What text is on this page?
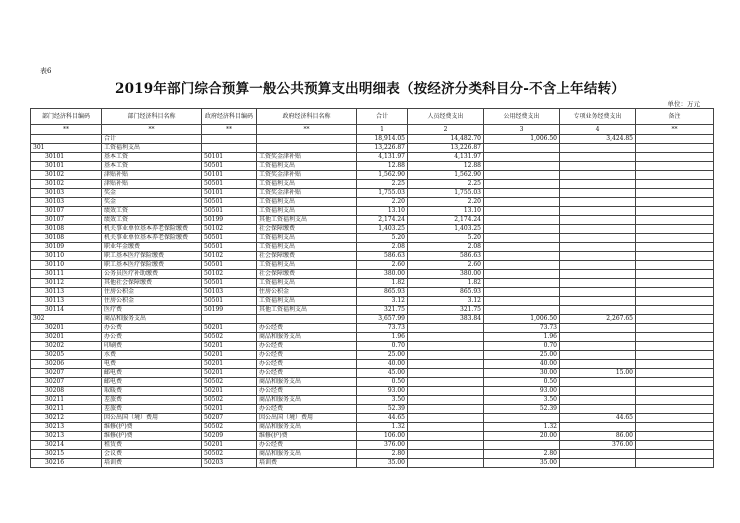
表6
2019年部门综合预算一般公共预算支出明细表（按经济分类科目分-不含上年结转）
单位：万元
部门经济科目编码	部门经济科目名称	政府经济科目编码	政府经济科目名称	合计	人员经费支出	公用经费支出	专项业务经费支出	备注
**	**	**	**	1	2	3	4	**
	合计			18,914.05	14,482.70	1,006.50	3,424.85	
301	工资福利支出			13,226.87	13,226.87			
30101	基本工资	50101	工资奖金津补贴	4,131.97	4,131.97			
30101	基本工资	50501	工资福利支出	12.88	12.88			
30102	津贴补贴	50101	工资奖金津补贴	1,562.90	1,562.90			
30102	津贴补贴	50501	工资福利支出	2.25	2.25			
30103	奖金	50101	工资奖金津补贴	1,755.03	1,755.03			
30103	奖金	50501	工资福利支出	2.20	2.20			
30107	绩效工资	50501	工资福利支出	13.10	13.10			
30107	绩效工资	50199	其他工资福利支出	2,174.24	2,174.24			
30108	机关事业单位基本养老保险缴费	50102	社会保障缴费	1,403.25	1,403.25			
30108	机关事业单位基本养老保险缴费	50501	工资福利支出	5.20	5.20			
30109	职业年金缴费	50501	工资福利支出	2.08	2.08			
30110	职工基本医疗保险缴费	50102	社会保障缴费	586.63	586.63			
30110	职工基本医疗保险缴费	50501	工资福利支出	2.60	2.60			
30111	公务员医疗补助缴费	50102	社会保障缴费	380.00	380.00			
30112	其他社会保障缴费	50501	工资福利支出	1.82	1.82			
30113	住房公积金	50103	住房公积金	865.93	865.93			
30113	住房公积金	50501	工资福利支出	3.12	3.12			
30114	医疗费	50199	其他工资福利支出	321.75	321.75			
302	商品和服务支出			3,657.99	383.84	1,006.50	2,267.65	
30201	办公费	50201	办公经费	73.73		73.73		
30201	办公费	50502	商品和服务支出	1.96		1.96		
30202	印刷费	50201	办公经费	0.70		0.70		
30205	水费	50201	办公经费	25.00		25.00		
30206	电费	50201	办公经费	40.00		40.00		
30207	邮电费	50201	办公经费	45.00		30.00	15.00	
30207	邮电费	50502	商品和服务支出	0.50		0.50		
30208	取暖费	50201	办公经费	93.00		93.00		
30211	差旅费	50502	商品和服务支出	3.50		3.50		
30211	差旅费	50201	办公经费	52.39		52.39		
30212	因公出国（境）费用	50207	因公出国（境）费用	44.65			44.65	
30213	维修(护)费	50502	商品和服务支出	1.32		1.32		
30213	维修(护)费	50209	维修(护)费	106.00		20.00	86.00	
30214	租赁费	50201	办公经费	376.00			376.00	
30215	会议费	50502	商品和服务支出	2.80		2.80		
30216	培训费	50203	培训费	35.00		35.00		
